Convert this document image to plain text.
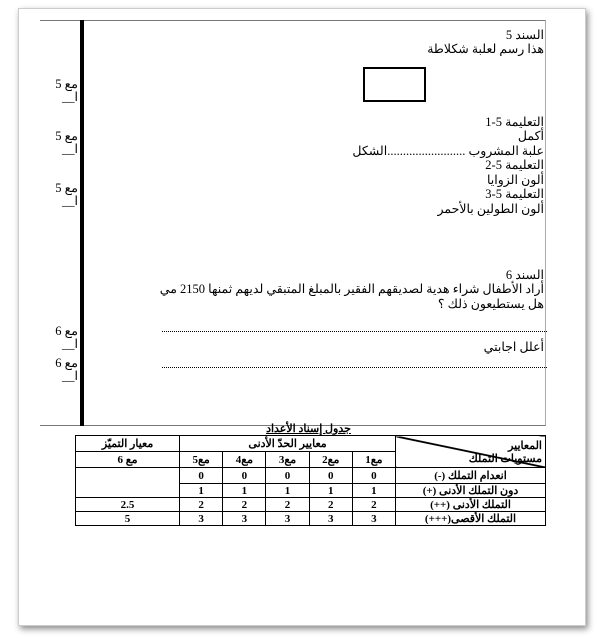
السند 5
هذا رسم لعلبة شكلاطة
التعليمة 5-1
أكمل
علبة المشروب .........................الشكل
التعليمة 5-2
ألون الزوايا
التعليمة 5-3
ألون الطولين بالأحمر
السند 6
أراد الأطفال شراء هدية لصديقهم الفقير بالمبلغ المتبقي لديهم ثمنها 2150 مي
هل يستطيعون ذلك ؟
أعلل اجابتي
مع 5
ا__
مع 5
ا__
مع 5
ا__
مع 6
ا__
مع 6
ا__
جدول إسناد الأعداد
المعايير
مستويات التملك	معايير الحدّ الأدنى					معيار التميّز
	مع1	مع2	مع3	مع4	مع5	مع 6
انعدام التملك (-)	0	0	0	0	0	
دون التملك الأدنى (+)	1	1	1	1	1	
التملك الأدنى (++)	2	2	2	2	2	2.5
التملك الأقصى(+++)	3	3	3	3	3	5
